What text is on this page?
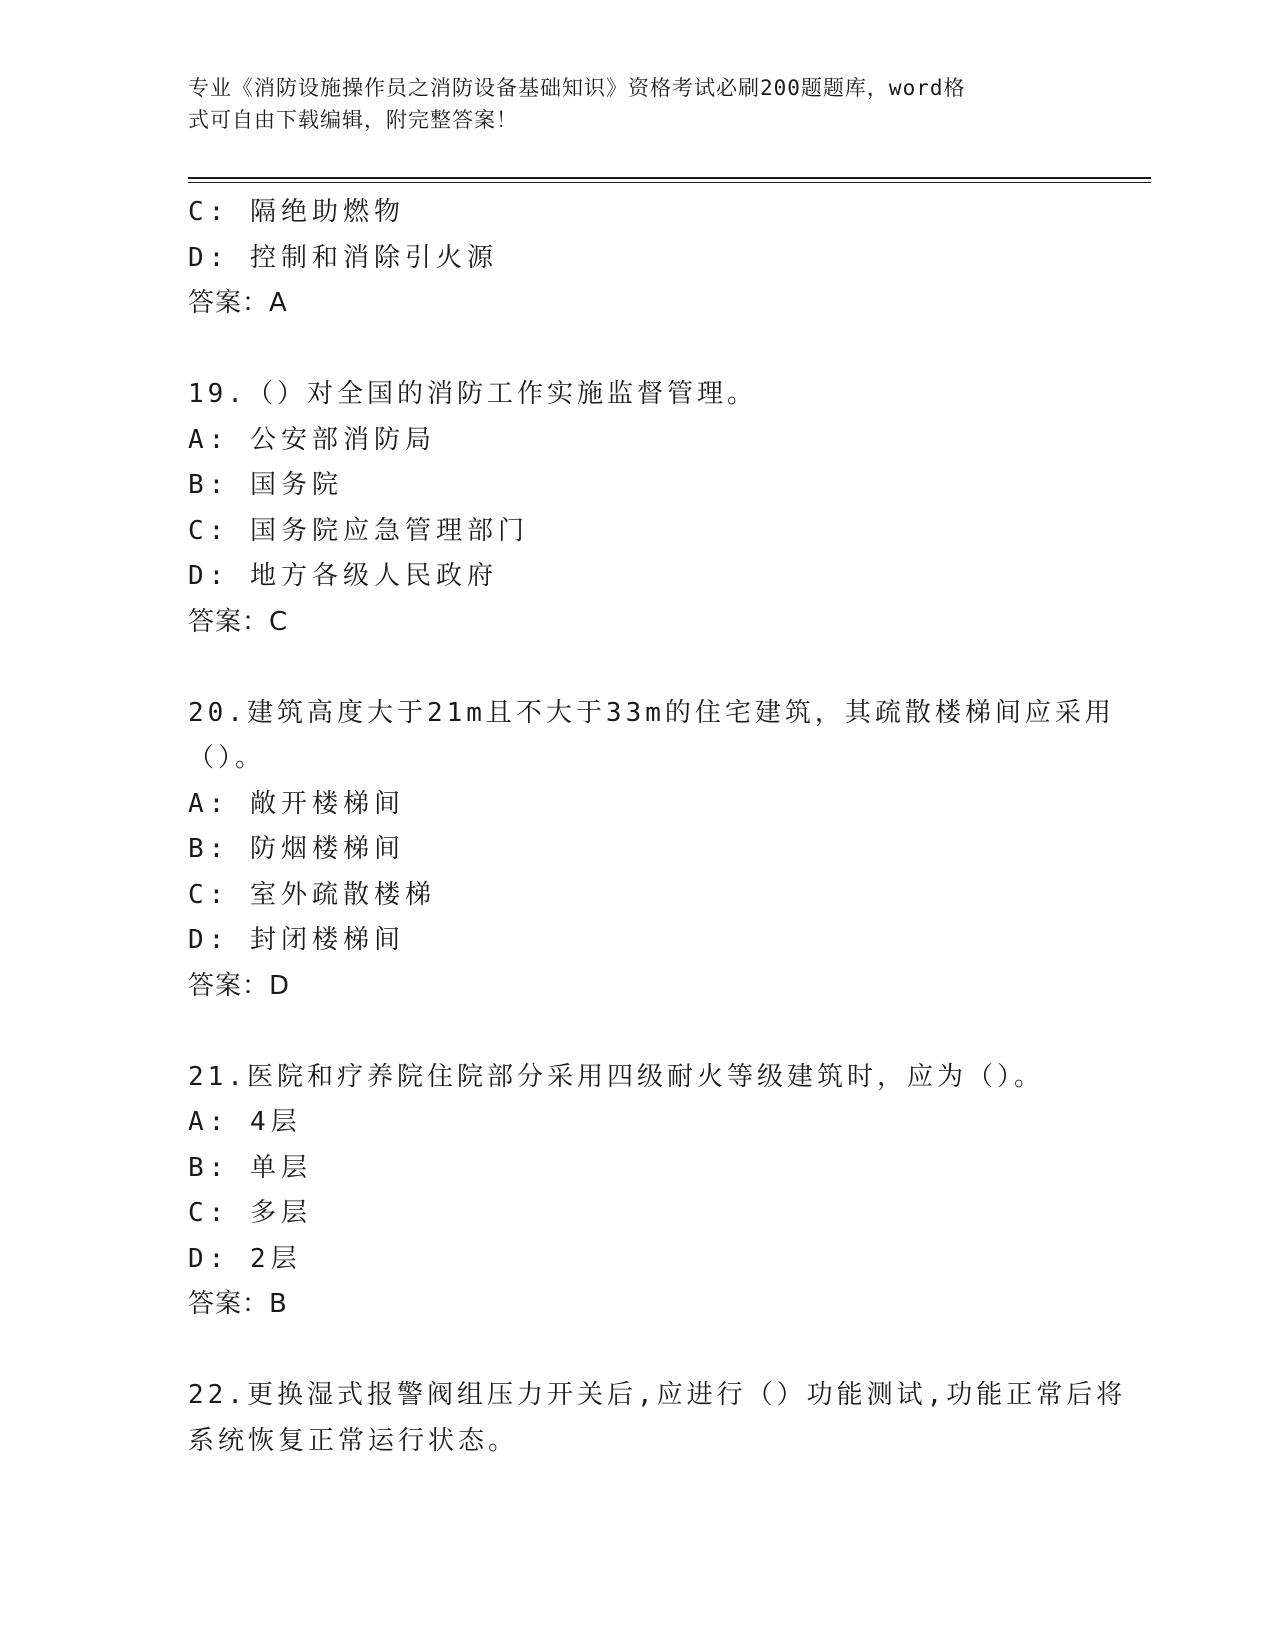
专业《消防设施操作员之消防设备基础知识》资格考试必刷200题题库，word格
式可自由下载编辑，附完整答案！
C: 隔绝助燃物
D: 控制和消除引火源
答案：A
19.（）对全国的消防工作实施监督管理。
A: 公安部消防局
B: 国务院
C: 国务院应急管理部门
D: 地方各级人民政府
答案：C
20.建筑高度大于21m且不大于33m的住宅建筑，其疏散楼梯间应采用
（）。
A: 敞开楼梯间
B: 防烟楼梯间
C: 室外疏散楼梯
D: 封闭楼梯间
答案：D
21.医院和疗养院住院部分采用四级耐火等级建筑时，应为（）。
A: 4层
B: 单层
C: 多层
D: 2层
答案：B
22.更换湿式报警阀组压力开关后,应进行（）功能测试,功能正常后将
系统恢复正常运行状态。
